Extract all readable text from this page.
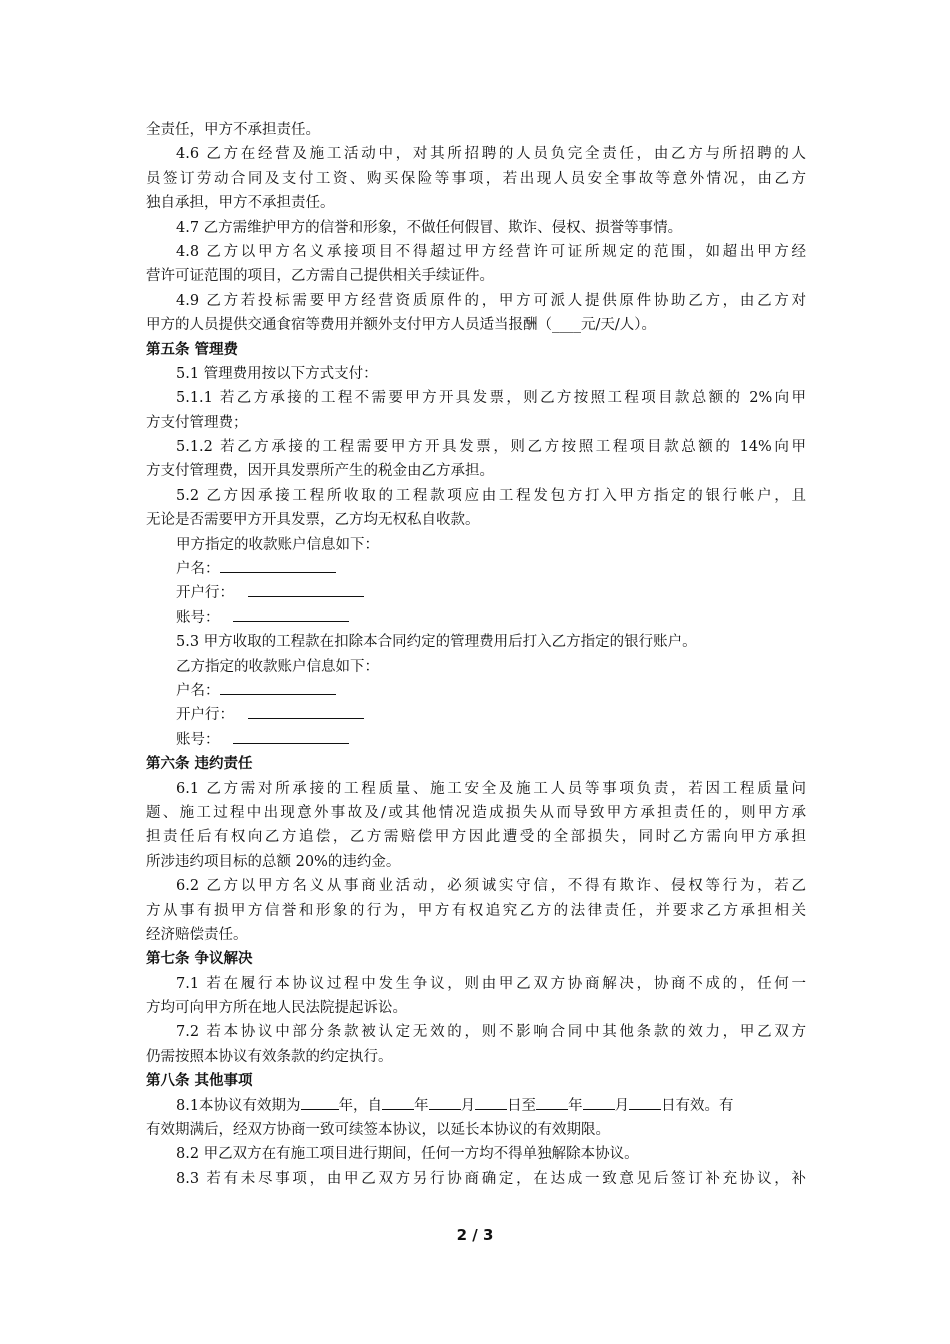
全责任，甲方不承担责任。
4.6 乙方在经营及施工活动中，对其所招聘的人员负完全责任，由乙方与所招聘的人
员签订劳动合同及支付工资、购买保险等事项，若出现人员安全事故等意外情况，由乙方
独自承担，甲方不承担责任。
4.7 乙方需维护甲方的信誉和形象，不做任何假冒、欺诈、侵权、损誉等事情。
4.8 乙方以甲方名义承接项目不得超过甲方经营许可证所规定的范围，如超出甲方经
营许可证范围的项目，乙方需自己提供相关手续证件。
4.9 乙方若投标需要甲方经营资质原件的，甲方可派人提供原件协助乙方，由乙方对
甲方的人员提供交通食宿等费用并额外支付甲方人员适当报酬（____元/天/人）。
第五条 管理费
5.1 管理费用按以下方式支付：
5.1.1 若乙方承接的工程不需要甲方开具发票，则乙方按照工程项目款总额的 2%向甲
方支付管理费；
5.1.2 若乙方承接的工程需要甲方开具发票，则乙方按照工程项目款总额的 14%向甲
方支付管理费，因开具发票所产生的税金由乙方承担。
5.2 乙方因承接工程所收取的工程款项应由工程发包方打入甲方指定的银行帐户，且
无论是否需要甲方开具发票，乙方均无权私自收款。
甲方指定的收款账户信息如下：
户名：
开户行：
账号：
5.3 甲方收取的工程款在扣除本合同约定的管理费用后打入乙方指定的银行账户。
乙方指定的收款账户信息如下：
户名：
开户行：
账号：
第六条 违约责任
6.1 乙方需对所承接的工程质量、施工安全及施工人员等事项负责，若因工程质量问
题、施工过程中出现意外事故及/或其他情况造成损失从而导致甲方承担责任的，则甲方承
担责任后有权向乙方追偿，乙方需赔偿甲方因此遭受的全部损失，同时乙方需向甲方承担
所涉违约项目标的总额 20%的违约金。
6.2 乙方以甲方名义从事商业活动，必须诚实守信，不得有欺诈、侵权等行为，若乙
方从事有损甲方信誉和形象的行为，甲方有权追究乙方的法律责任，并要求乙方承担相关
经济赔偿责任。
第七条 争议解决
7.1 若在履行本协议过程中发生争议，则由甲乙双方协商解决，协商不成的，任何一
方均可向甲方所在地人民法院提起诉讼。
7.2 若本协议中部分条款被认定无效的，则不影响合同中其他条款的效力，甲乙双方
仍需按照本协议有效条款的约定执行。
第八条 其他事项
8.1本协议有效期为	年，自 年 月 日至 年 月 日有效。有
有效期满后，经双方协商一致可续签本协议，以延长本协议的有效期限。
8.2 甲乙双方在有施工项目进行期间，任何一方均不得单独解除本协议。
8.3 若有未尽事项，由甲乙双方另行协商确定，在达成一致意见后签订补充协议，补
2 / 3
